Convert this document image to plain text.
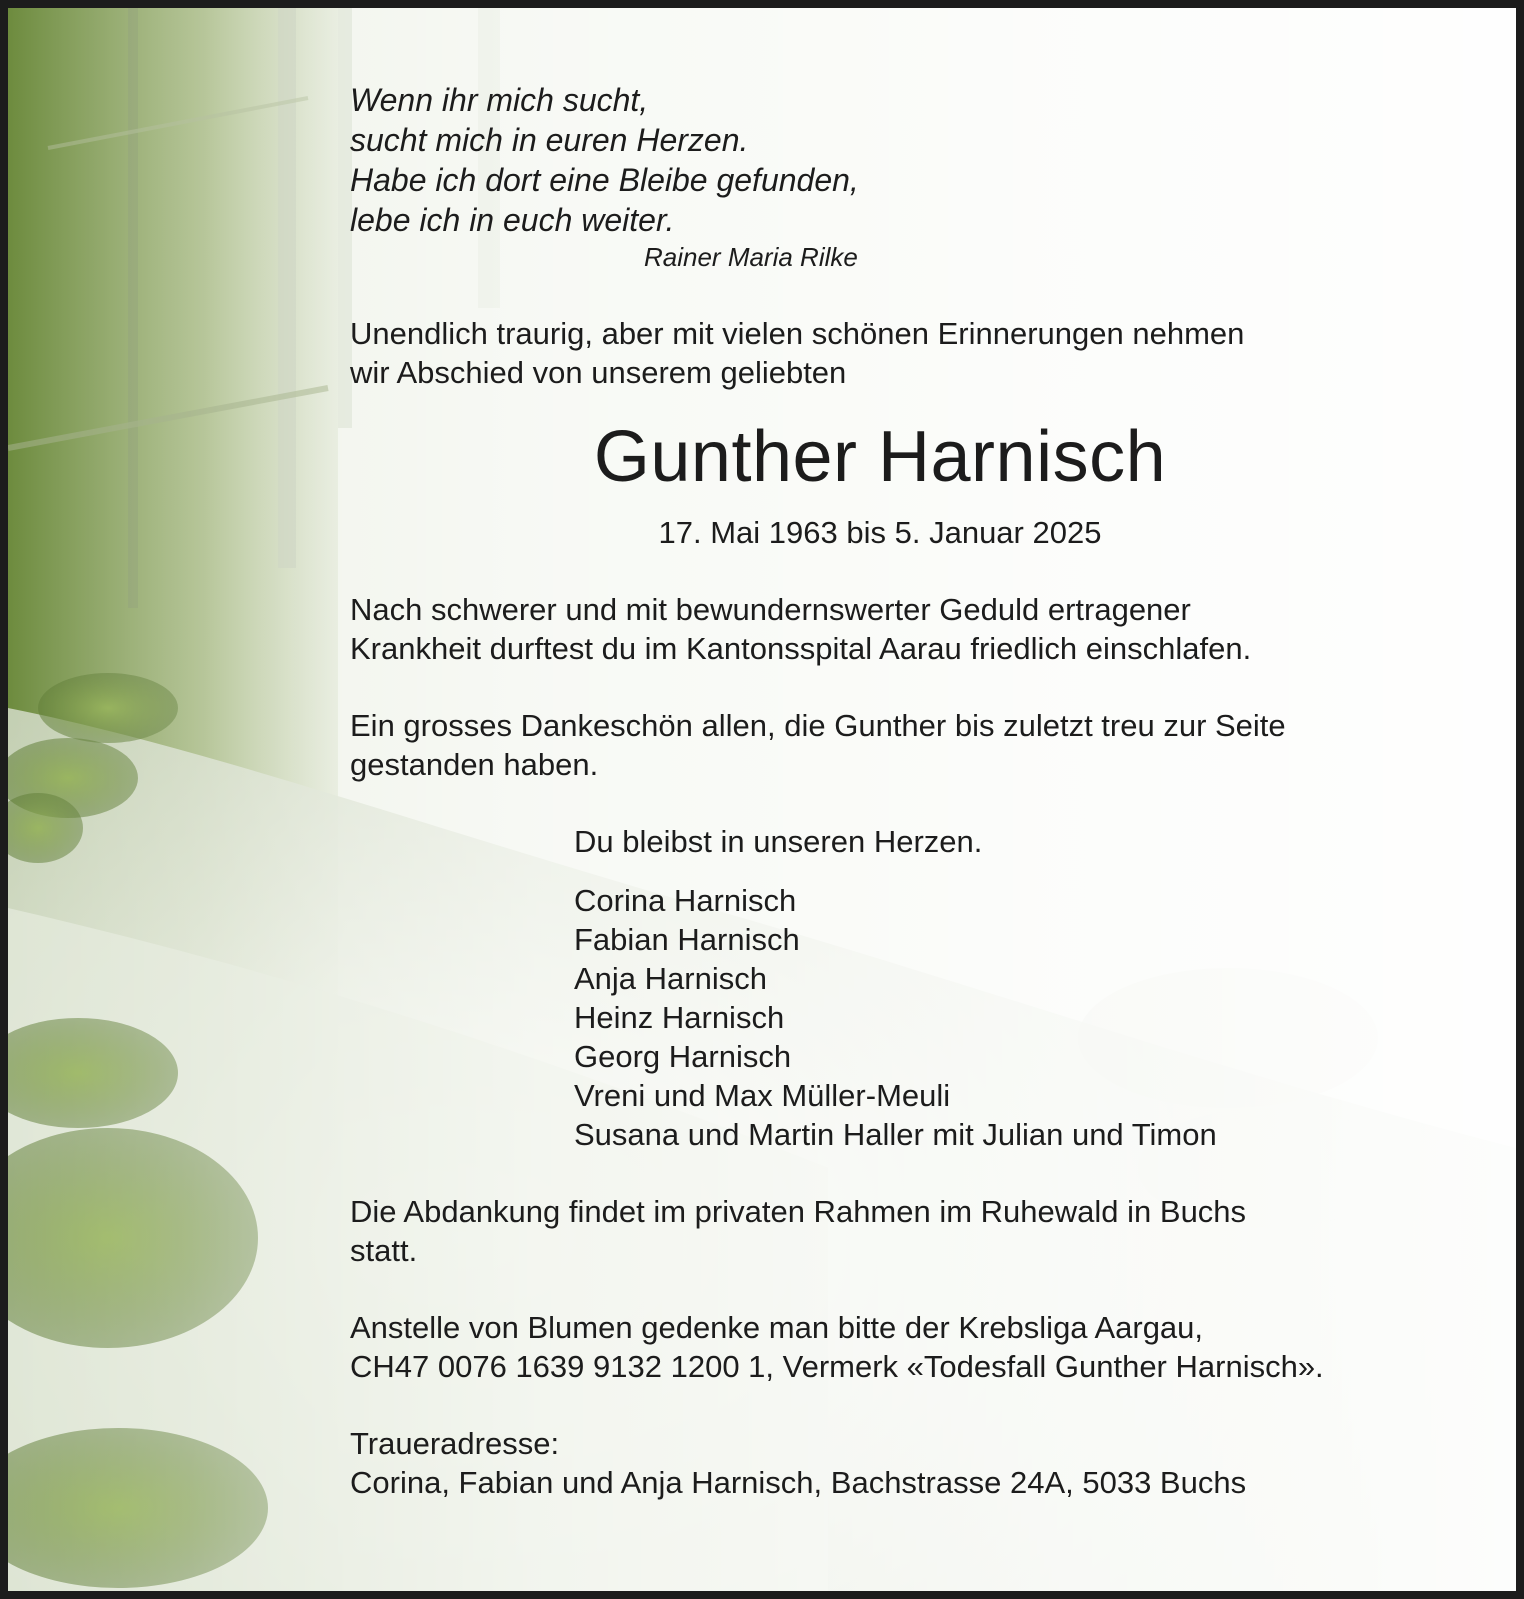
Wenn ihr mich sucht,
sucht mich in euren Herzen.
Habe ich dort eine Bleibe gefunden,
lebe ich in euch weiter.
Rainer Maria Rilke
Unendlich traurig, aber mit vielen schönen Erinnerungen nehmen
wir Abschied von unserem geliebten
Gunther Harnisch
17. Mai 1963 bis 5. Januar 2025
Nach schwerer und mit bewundernswerter Geduld ertragener
Krankheit durftest du im Kantonsspital Aarau friedlich einschlafen.
Ein grosses Dankeschön allen, die Gunther bis zuletzt treu zur Seite
gestanden haben.
Du bleibst in unseren Herzen.
Corina Harnisch
Fabian Harnisch
Anja Harnisch
Heinz Harnisch
Georg Harnisch
Vreni und Max Müller-Meuli
Susana und Martin Haller mit Julian und Timon
Die Abdankung findet im privaten Rahmen im Ruhewald in Buchs
statt.
Anstelle von Blumen gedenke man bitte der Krebsliga Aargau,
CH47 0076 1639 9132 1200 1, Vermerk «Todesfall Gunther Harnisch».
Traueradresse:
Corina, Fabian und Anja Harnisch, Bachstrasse 24A, 5033 Buchs
